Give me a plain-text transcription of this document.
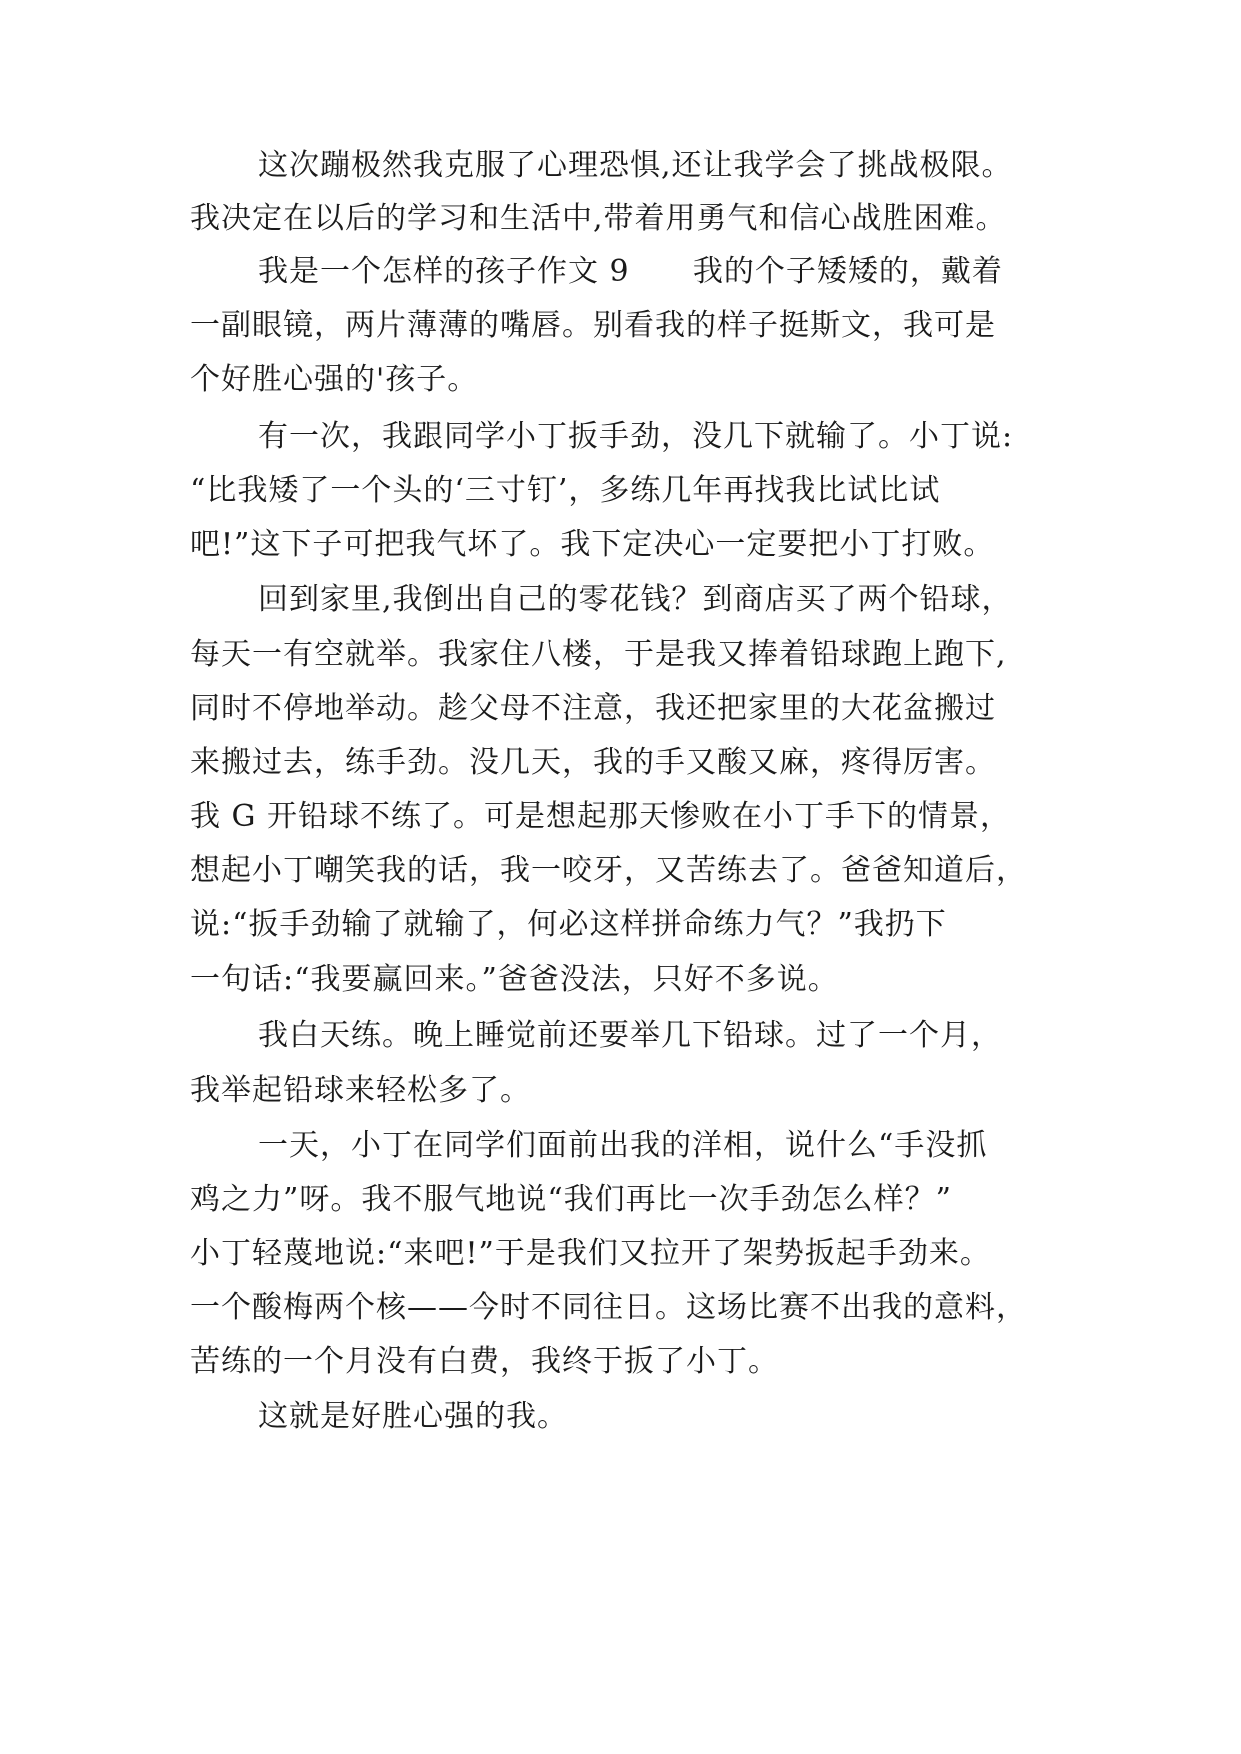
这次蹦极然我克服了心理恐惧,还让我学会了挑战极限。
我决定在以后的学习和生活中,带着用勇气和信心战胜困难。
我是一个怎样的孩子作文 9      我的个子矮矮的，戴着
一副眼镜，两片薄薄的嘴唇。别看我的样子挺斯文，我可是
个好胜心强的'孩子。
有一次，我跟同学小丁扳手劲，没几下就输了。小丁说:
“比我矮了一个头的‘三寸钉’，多练几年再找我比试比试
吧!”这下子可把我气坏了。我下定决心一定要把小丁打败。
回到家里,我倒出自己的零花钱？到商店买了两个铅球，
每天一有空就举。我家住八楼，于是我又捧着铅球跑上跑下,
同时不停地举动。趁父母不注意，我还把家里的大花盆搬过
来搬过去，练手劲。没几天，我的手又酸又麻，疼得厉害。
我 G 开铅球不练了。可是想起那天惨败在小丁手下的情景，
想起小丁嘲笑我的话，我一咬牙，又苦练去了。爸爸知道后，
说:“扳手劲输了就输了，何必这样拼命练力气？”我扔下
一句话:“我要赢回来。”爸爸没法，只好不多说。
我白天练。晚上睡觉前还要举几下铅球。过了一个月，
我举起铅球来轻松多了。
一天，小丁在同学们面前出我的洋相，说什么“手没抓
鸡之力”呀。我不服气地说“我们再比一次手劲怎么样？”
小丁轻蔑地说:“来吧!”于是我们又拉开了架势扳起手劲来。
一个酸梅两个核——今时不同往日。这场比赛不出我的意料，
苦练的一个月没有白费，我终于扳了小丁。
这就是好胜心强的我。
